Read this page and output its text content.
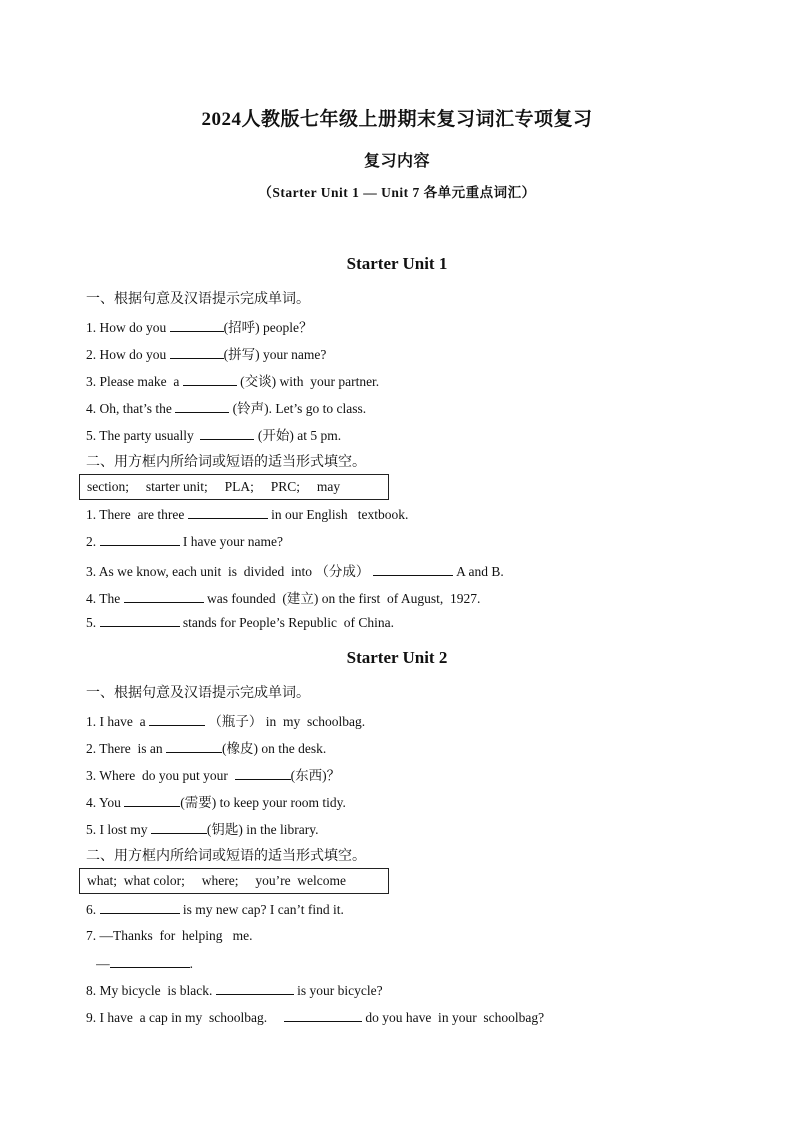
2024人教版七年级上册期末复习词汇专项复习
复习内容
（Starter Unit 1 — Unit 7 各单元重点词汇）
Starter Unit 1
一、根据句意及汉语提示完成单词。
1. How do you	(招呼) people？
2. How do you	(拼写) your name?
3. Please make  a	(交谈) with  your partner.
4. Oh, that’s the	(铃声). Let’s go to class.
5. The party usually	(开始) at 5 pm.
二、用方框内所给词或短语的适当形式填空。
section;     starter unit;     PLA;     PRC;     may
1. There  are three	in our English   textbook.
2.	I have your name?
3. As we know, each unit  is  divided  into （分成）	A and B.
4. The	was founded  (建立) on the first  of August,  1927.
5.	stands for People’s Republic  of China.
Starter Unit 2
一、根据句意及汉语提示完成单词。
1. I have  a	（瓶子） in  my  schoolbag.
2. There  is an	(橡皮) on the desk.
3. Where  do you put your	(东西)？
4. You	(需要) to keep your room tidy.
5. I lost my	(钥匙) in the library.
二、用方框内所给词或短语的适当形式填空。
what;  what color;     where;     you’re  welcome
6.	is my new cap? I can’t find it.
7. —Thanks  for  helping   me.
—	.
8. My bicycle  is black.	is your bicycle?
9. I have  a cap in my  schoolbag.	do you have  in your  schoolbag?
